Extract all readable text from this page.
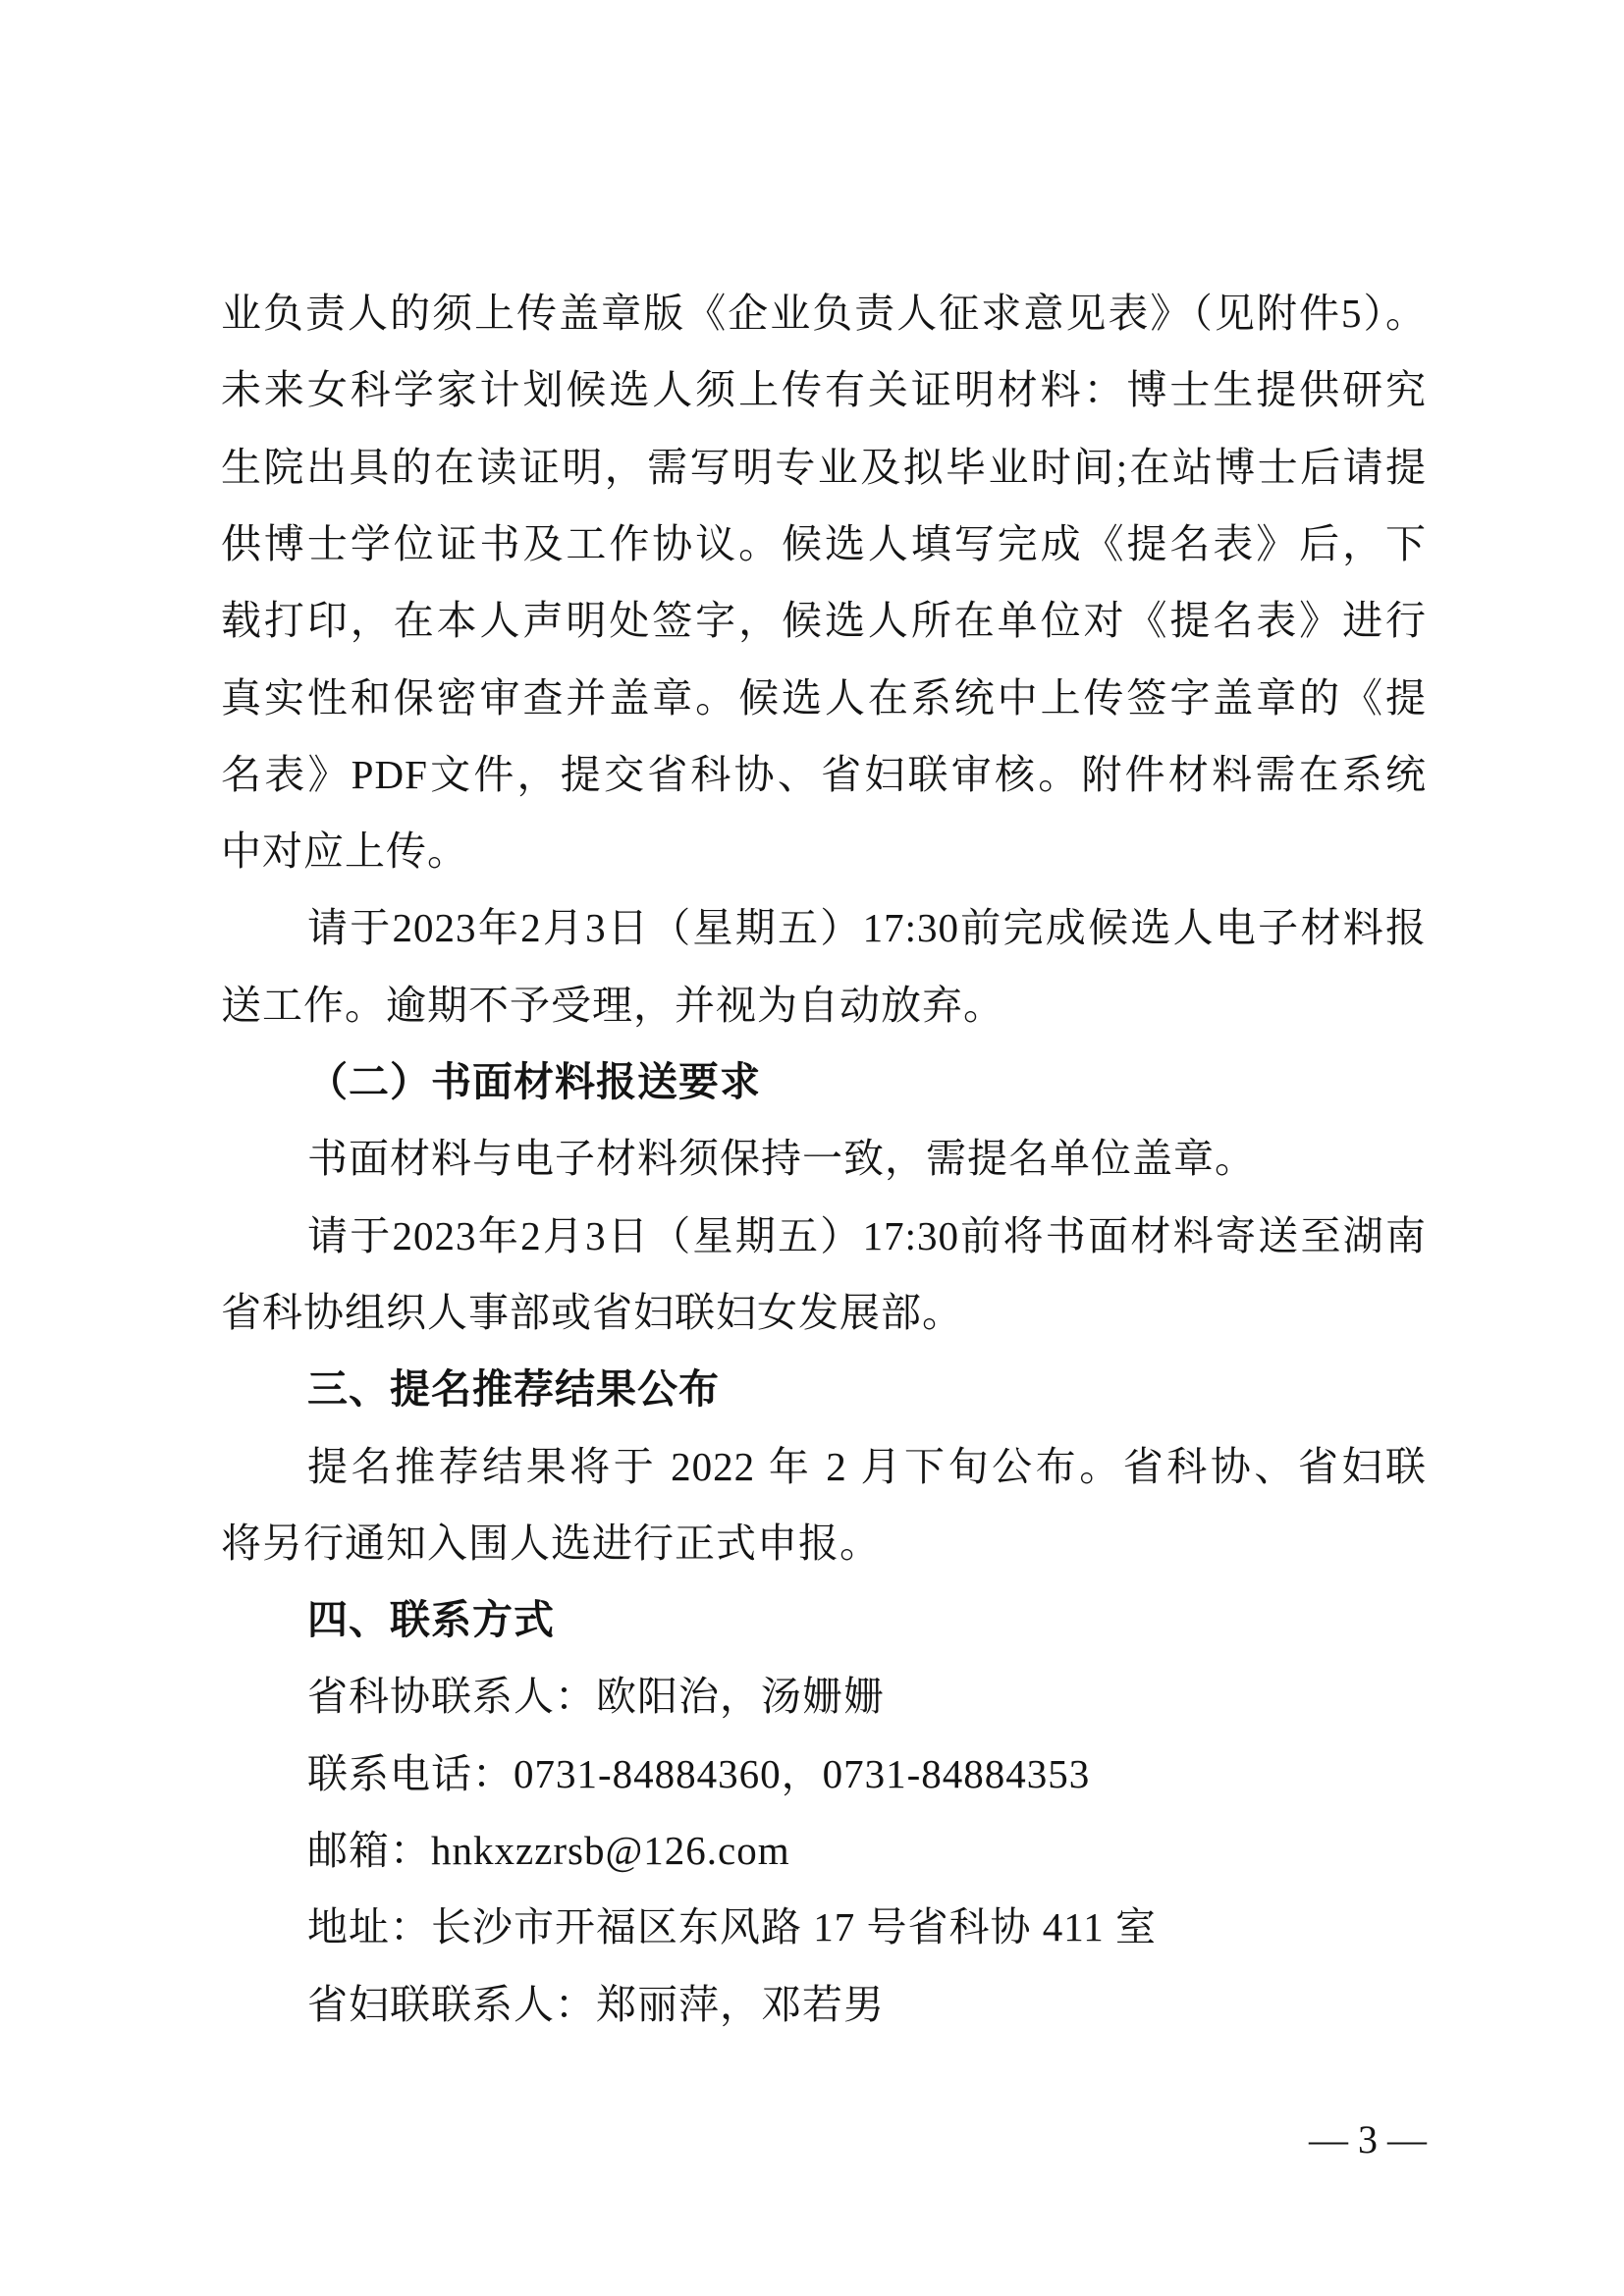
业负责人的须上传盖章版《企业负责人征求意见表》（见附件5）。
未来女科学家计划候选人须上传有关证明材料：博士生提供研究
生院出具的在读证明，需写明专业及拟毕业时间;在站博士后请提
供博士学位证书及工作协议。候选人填写完成《提名表》后，下
载打印，在本人声明处签字，候选人所在单位对《提名表》进行
真实性和保密审查并盖章。候选人在系统中上传签字盖章的《提
名表》PDF文件，提交省科协、省妇联审核。附件材料需在系统
中对应上传。
请于2023年2月3日（星期五）17:30前完成候选人电子材料报
送工作。逾期不予受理，并视为自动放弃。
（二）书面材料报送要求
书面材料与电子材料须保持一致，需提名单位盖章。
请于2023年2月3日（星期五）17:30前将书面材料寄送至湖南
省科协组织人事部或省妇联妇女发展部。
三、提名推荐结果公布
提名推荐结果将于 2022 年 2 月下旬公布。省科协、省妇联
将另行通知入围人选进行正式申报。
四、联系方式
省科协联系人：欧阳治，汤姗姗
联系电话：0731-84884360，0731-84884353
邮箱：hnkxzzrsb@126.com
地址：长沙市开福区东风路 17 号省科协 411 室
省妇联联系人：郑丽萍，邓若男
— 3 —
